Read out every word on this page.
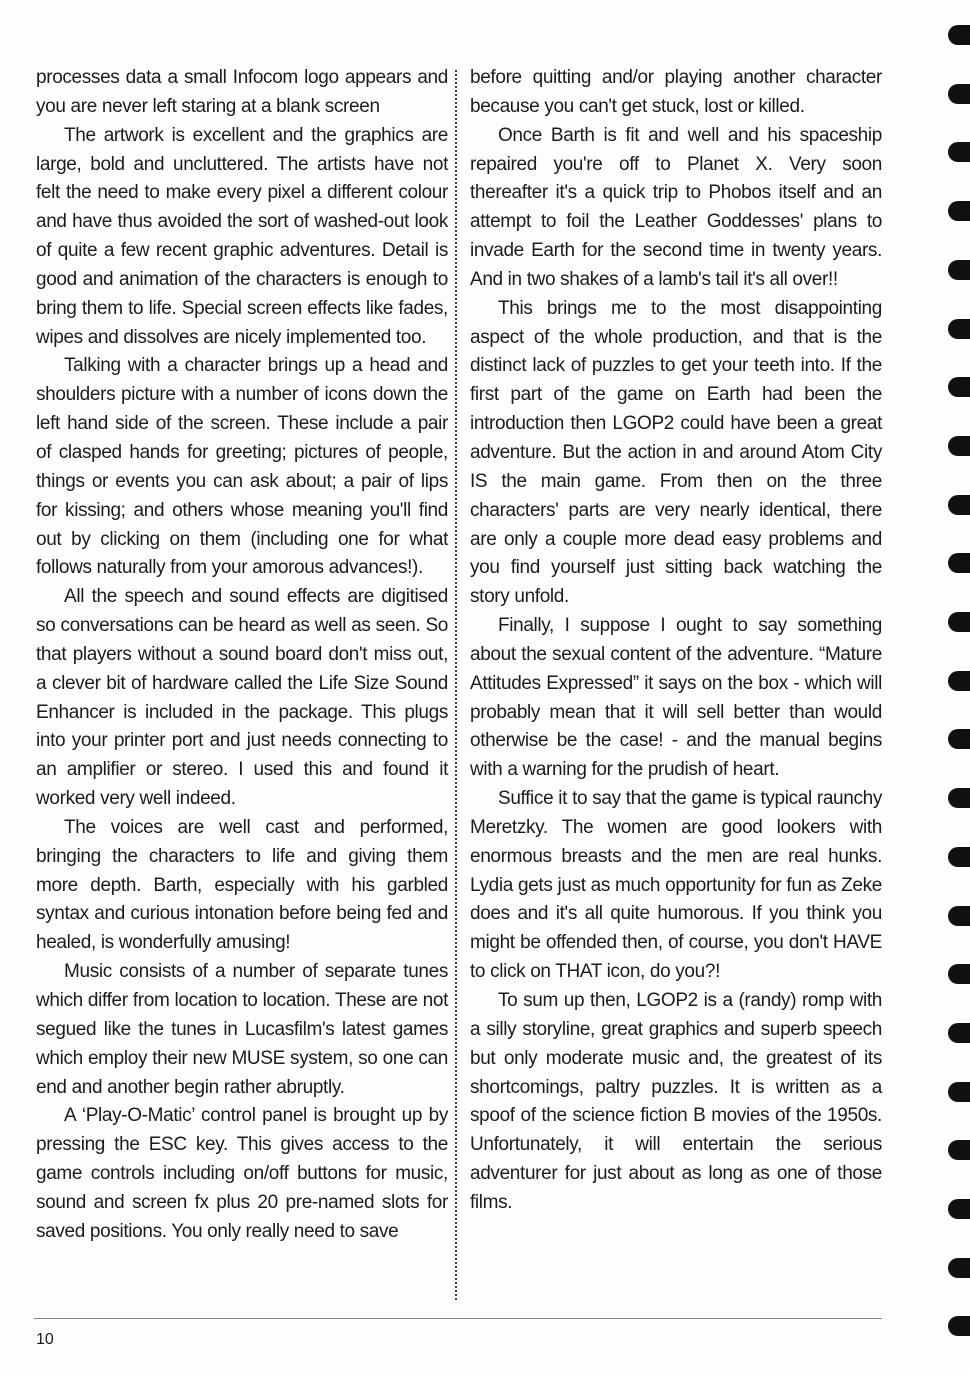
processes data a small Infocom logo appears and you are never left staring at a blank screen

The artwork is excellent and the graphics are large, bold and uncluttered. The artists have not felt the need to make every pixel a different colour and have thus avoided the sort of washed-out look of quite a few recent graphic adventures. Detail is good and animation of the characters is enough to bring them to life. Special screen effects like fades, wipes and dissolves are nicely implemented too.

Talking with a character brings up a head and shoulders picture with a number of icons down the left hand side of the screen. These include a pair of clasped hands for greeting; pictures of people, things or events you can ask about; a pair of lips for kissing; and others whose meaning you'll find out by clicking on them (including one for what follows naturally from your amorous advances!).

All the speech and sound effects are digitised so conversations can be heard as well as seen. So that players without a sound board don't miss out, a clever bit of hardware called the Life Size Sound Enhancer is included in the package. This plugs into your printer port and just needs connecting to an amplifier or stereo. I used this and found it worked very well indeed.

The voices are well cast and performed, bringing the characters to life and giving them more depth. Barth, especially with his garbled syntax and curious intonation before being fed and healed, is wonderfully amusing!

Music consists of a number of separate tunes which differ from location to location. These are not segued like the tunes in Lucasfilm's latest games which employ their new MUSE system, so one can end and another begin rather abruptly.

A ‘Play-O-Matic’ control panel is brought up by pressing the ESC key. This gives access to the game controls including on/off buttons for music, sound and screen fx plus 20 pre-named slots for saved positions. You only really need to save

before quitting and/or playing another character because you can't get stuck, lost or killed.

Once Barth is fit and well and his spaceship repaired you're off to Planet X. Very soon thereafter it's a quick trip to Phobos itself and an attempt to foil the Leather Goddesses' plans to invade Earth for the second time in twenty years. And in two shakes of a lamb's tail it's all over!!

This brings me to the most disappointing aspect of the whole production, and that is the distinct lack of puzzles to get your teeth into. If the first part of the game on Earth had been the introduction then LGOP2 could have been a great adventure. But the action in and around Atom City IS the main game. From then on the three characters' parts are very nearly identical, there are only a couple more dead easy problems and you find yourself just sitting back watching the story unfold.

Finally, I suppose I ought to say something about the sexual content of the adventure. “Mature Attitudes Expressed” it says on the box - which will probably mean that it will sell better than would otherwise be the case! - and the manual begins with a warning for the prudish of heart.

Suffice it to say that the game is typical raunchy Meretzky. The women are good lookers with enormous breasts and the men are real hunks. Lydia gets just as much opportunity for fun as Zeke does and it's all quite humorous. If you think you might be offended then, of course, you don't HAVE to click on THAT icon, do you?!

To sum up then, LGOP2 is a (randy) romp with a silly storyline, great graphics and superb speech but only moderate music and, the greatest of its shortcomings, paltry puzzles. It is written as a spoof of the science fiction B movies of the 1950s. Unfortunately, it will entertain the serious adventurer for just about as long as one of those films.

10
